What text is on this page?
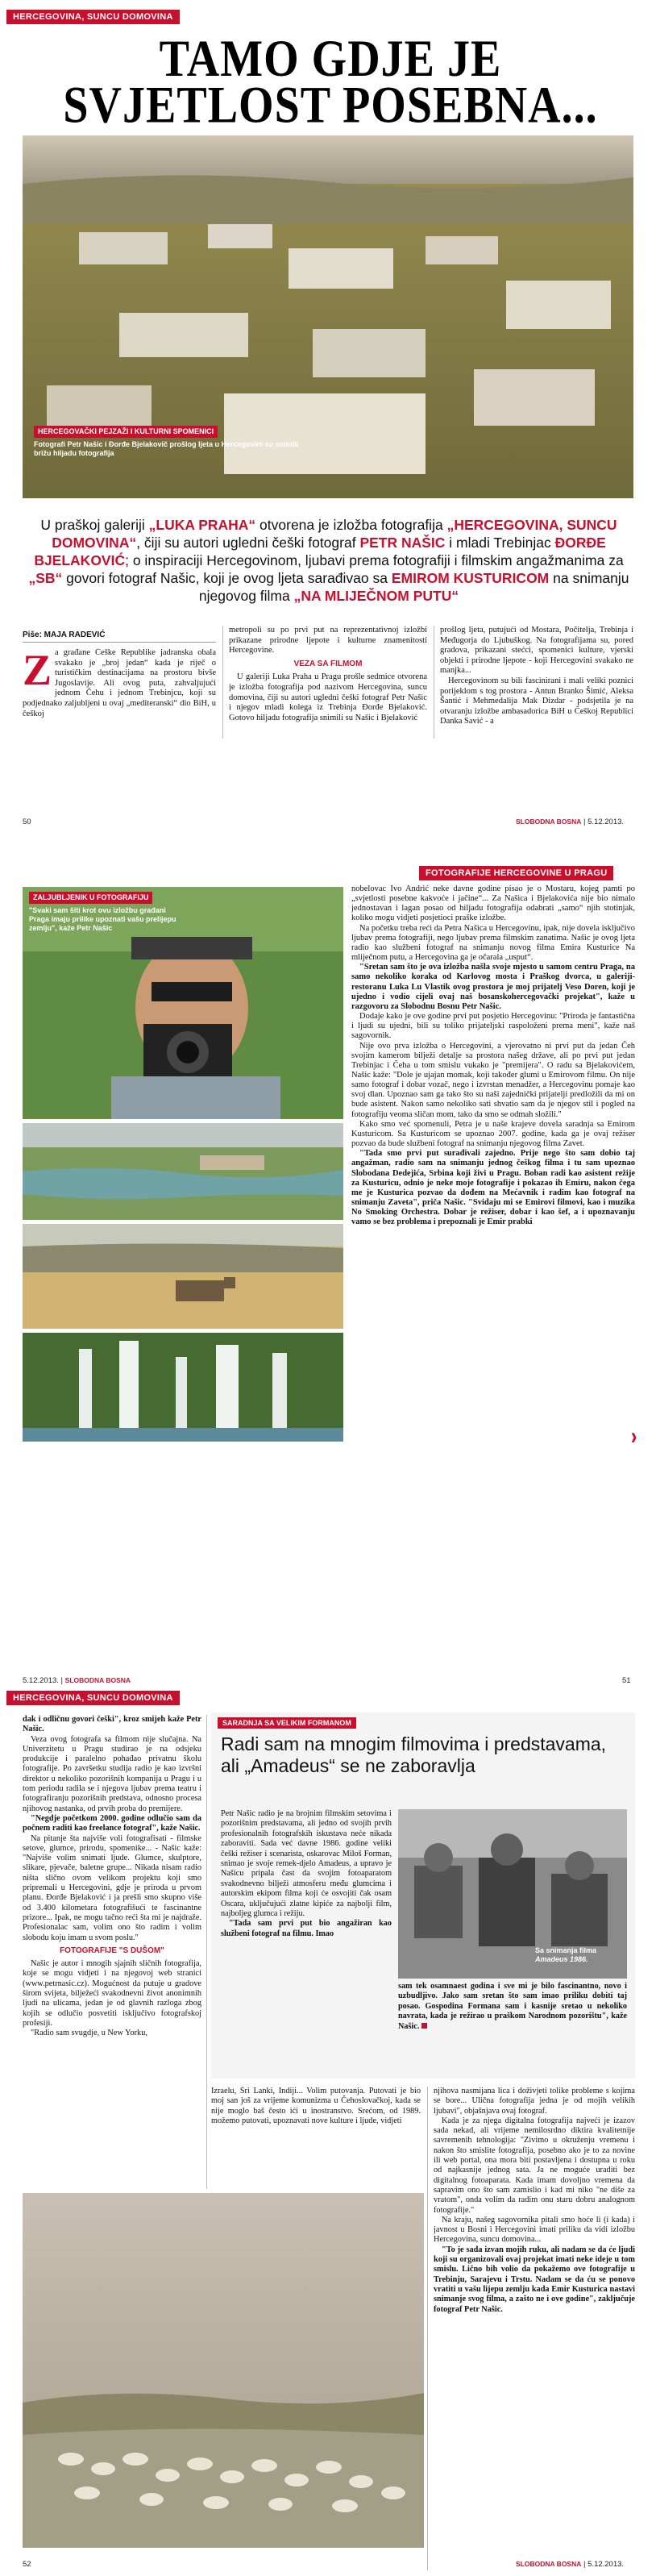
HERCEGOVINA, SUNCU DOMOVINA
TAMO GDJE JE
SVJETLOST POSEBNA...
HERCEGOVAČKI PEJZAŽI I KULTURNI SPOMENICI
Fotografi Petr Našic i Đorđe Bjelakovič prošlog ljeta u Hercegovini su snimili brižu hiljadu fotografija
U praškoj galeriji „LUKA PRAHA“ otvorena je izložba fotografija „HERCEGOVINA, SUNCU DOMOVINA“, čiji su autori ugledni češki fotograf PETR NAŠIC i mladi Trebinjac ĐORĐE BJELAKOVIĆ; o inspiraciji Hercegovinom, ljubavi prema fotografiji i filmskim angažmanima za „SB“ govori fotograf Našic, koji je ovog ljeta sarađivao sa EMIROM KUSTURICOM na snimanju njegovog filma „NA MLIJEČNOM PUTU“
Piše: MAJA RADEVIĆ
Z a građane Češke Republike jadranska obala svakako je „broj jedan“ kada je riječ o turističkim destinacijama na prostoru bivše Jugoslavije. Ali ovog puta, zahvaljujući jednom Čehu i jednom Trebinjcu, koji su podjednako zaljubljeni u ovaj „mediteranski“ dio BiH, u češkoj
metropoli su po prvi put na reprezentativnoj izložbi prikazane prirodne ljepote i kulturne znamenitosti Hercegovine.
VEZA SA FILMOM

U galeriji Luka Praha u Pragu prošle sedmice otvorena je izložba fotografija pod nazivom Hercegovina, suncu domovina, čiji su autori ugledni češki fotograf Petr Našic i njegov mladi kolega iz Trebinja Đorđe Bjelaković. Gotovo hiljadu fotografija snimili su Našic i Bjelaković

prošlog ljeta, putujući od Mostara, Počitelja, Trebinja i Međugorja do Ljubuškog. Na fotografijama su, pored gradova, prikazani stećci, spomenici kulture, vjerski objekti i prirodne ljepote - koji Hercegovini svakako ne manjka...

Hercegovinom su bili fascinirani i mali veliki poznici porijeklom s tog prostora - Antun Branko Šimić, Aleksa Šantić i Mehmedalija Mak Dizdar - podsjetila je na otvaranju izložbe ambasadorica BiH u Češkoj Republici Danka Savić - a

50	SLOBODNA BOSNA | 5.12.2013.
FOTOGRAFIJE HERCEGOVINE U PRAGU
ZALJUBLJENIK U FOTOGRAFIJU
"Svaki sam šiti krot ovu izložbu građani Praga imaju prilike upoznati vašu prelijepu zemlju", kaže Petr Našic

nobelovac Ivo Andrić neke davne godine pisao je o Mostaru, kojeg pamti po „svjetlosti posebne kakvoće i jačine“... Za Našica i Bjelakovića nije bio nimalo jednostavan i lagan posao od hiljadu fotografija odabrati „samo“ njih stotinjak, koliko mogu vidjeti posjetioci praške izložbe.

Na početku treba reći da Petra Našica u Hercegovinu, ipak, nije dovela isključivo ljubav prema fotografiji, nego ljubav prema filmskim zanatima. Našic je ovog ljeta radio kao službeni fotograf na snimanju novog filma Emira Kusturice Na mliječnom putu, a Hercegovina ga je očarala „usput“.

"Sretan sam što je ova izložba našla svoje mjesto u samom centru Praga, na samo nekoliko koraka od Karlovog mosta i Praškog dvorca, u galeriji-restoranu Luka Lu Vlastik ovog prostora je moj prijatelj Veso Doren, koji je ujedno i vodio cijeli ovaj naš bosanskohercegovački projekat", kaže u razgovoru za Slobodnu Bosnu Petr Našic.

Dodaje kako je ove godine prvi put posjetio Hercegovinu: "Priroda je fantastična i ljudi su ujedni, bili su toliko prijateljski raspoloženi prema meni", kaže naš sagovornik.

Nije ovo prva izložba o Hercegovini, a vjerovatno ni prvi put da jedan Čeh svojim kamerom bilježi detalje sa prostora našeg države, ali po prvi put jedan Trebinjac i Čeha u tom smislu vukako je "premijera". O radu sa Bjelakovićem, Našic kaže: "Dole je ujajan momak, koji također glumi u Emirovom filmu. On nije samo fotograf i dobar vozač, nego i izvrstan menadžer, a Hercegovinu pomaje kao svoj dlan. Upoznao sam ga tako što su naši zajednički prijatelji predložili da mi on bude asistent. Nakon samo nekoliko sati shvatio sam da je njegov stil i pogled na fotografiju veoma sličan mom, tako da smo se odmah složili."

Kako smo već spomenuli, Petra je u naše krajeve dovela saradnja sa Emirom Kusturicom. Sa Kusturicom se upoznao 2007. godine, kada ga je ovaj režiser pozvao da bude službeni fotograf na snimanju njegovog filma Zavet.

"Tada smo prvi put surađivali zajedno. Prije nego što sam dobio taj angažman, radio sam na snimanju jednog češkog filma i tu sam upoznao Slobodana Dedejića, Srbina koji živi u Pragu. Boban radi kao asistent režije za Kusturicu, odnio je neke moje fotografije i pokazao ih Emiru, nakon čega me je Kusturica pozvao da dođem na Mećavnik i radim kao fotograf na snimanju Zaveta", priča Našic. "Svidaju mi se Emirovi filmovi, kao i muzika No Smoking Orchestra. Dobar je režiser, dobar i kao šef, a i upoznavanju vamo se bez problema i prepoznali je Emir prabki

❱
5.12.2013. | SLOBODNA BOSNA	51
HERCEGOVINA, SUNCU DOMOVINA

dak i odličnu govori češki", kroz smijeh kaže Petr Našic.

Veza ovog fotografa sa filmom nije slučajna. Na Univerzitetu u Pragu studirao je na odsjeku produkcije i paralelno pohađao privatnu školu fotografije. Po završetku studija radio je kao izvršni direktor u nekoliko pozorišnih kompanija u Pragu i u tom periodu radila se i njegova ljubav prema teatru i fotografiranju pozorišnih predstava, odnosno procesa njihovog nastanka, od prvih proba do premijere.

"Negdje početkom 2000. godine odlučio sam da počnem raditi kao freelance fotograf", kaže Našic.

Na pitanje šta najviše voli fotografisati - filmske setove, glumce, prirodu, spomenike... - Našic kaže: "Najviše volim snimati ljude. Glumce, skulptore, slikare, pjevače, baletne grupe... Nikada nisam radio ništa slično ovom velikom projektu koji smo pripremali u Hercegovini, gdje je priroda u prvom planu. Đorđe Bjelaković i ja prešli smo skupno više od 3.400 kilometara fotografišući te fascinantne prizore... Ipak, ne mogu tačno reći šta mi je najdraže. Profesionalac sam, volim ono što radim i volim slobodu koju imam u svom poslu."

FOTOGRAFIJE "S DUŠOM"

Našic je autor i mnogih sjajnih sličnih fotografija, koje se mogu vidjeti i na njegovoj web stranici (www.petrnasic.cz). Mogućnost da putuje u gradove širom svijeta, bilježeći svakodnevni život anonimnih ljudi na ulicama, jedan je od glavnih razloga zbog kojih se odlučio posvetiti isključivo fotografskoj profesiji.

"Radio sam svugdje, u New Yorku,

SARADNJA SA VELIKIM FORMANOM
Radi sam na mnogim filmovima i predstavama, ali „Amadeus“ se ne zaboravlja

Petr Našic radio je na brojnim filmskim setovima i pozorišnim predstavama, ali jedno od svojih prvih profesionalnih fotografskih iskustava neće nikada zaboraviti. Sada već davne 1986. godine veliki češki režiser i scenarista, oskarovac Miloš Forman, snimao je svoje remek-djelo Amadeus, a upravo je Našicu pripala čast da svojim fotoaparatom svakodnevno bilježi atmosferu među glumcima i autorskim ekipom filma koji će osvojiti čak osam Oscara, uključujući zlatne kipiće za najbolji film, najboljeg glumca i režiju.

"Tada sam prvi put bio angažiran kao službeni fotograf na filmu. Imao

Sa snimanja filma
Amadeus 1986.
sam tek osamnaest godina i sve mi je bilo fascinantno, novo i uzbudljivo. Jako sam sretan što sam imao priliku dobiti taj posao. Gospodina Formana sam i kasnije sretao u nekoliko navrata, kada je režirao u praškom Narodnom pozorištu", kaže Našic.
Izraelu, Šri Lanki, Indiji... Volim putovanja. Putovati je bio moj san još za vrijeme komunizma u Čehoslovačkoj, kada se nije moglo baš često ići u inostranstvo. Srećom, od 1989. možemo putovati, upoznavati nove kulture i ljude, vidjeti

njihova nasmijana lica i doživjeti tolike probleme s kojima se bore... Ulična fotografija jedna je od mojih velikih ljubavi", objašnjava ovaj fotograf.

Kada je za njega digitalna fotografija najveći je izazov sada nekad, ali vrijeme nemilosrdno diktira kvalitetnije savremenih tehnologija: "Zivimo u okruženju vremenu i nakon što smislite fotografija, posebno ako je to za novine ili web portal, ona mora biti postavljena i dostupna u roku od najkasnije jednog sata. Ja ne moguće uraditi bez digitalnog fotoaparata. Kada imam dovoljno vremena da sapravim ono što sam zamislio i kad mi niko "ne diše za vratom", onda volim da radim onu staru dobru analognom fotografije."

Na kraju, našeg sagovornika pitali smo hoće li (i kada) i javnost u Bosni i Hercegovini imati priliku da vidi izložbu Hercegovina, suncu domovina...

"To je sada izvan mojih ruku, ali nadam se da će ljudi koji su organizovali ovaj projekat imati neke ideje u tom smislu. Lično bih volio da pokažemo ove fotografije u Trebinju, Sarajevu i Trstu. Nadam se da ću se ponovo vratiti u vašu lijepu zemlju kada Emir Kusturica nastavi snimanje svog filma, a zašto ne i ove godine", zaključuje fotograf Petr Našic.

52	SLOBODNA BOSNA | 5.12.2013.
